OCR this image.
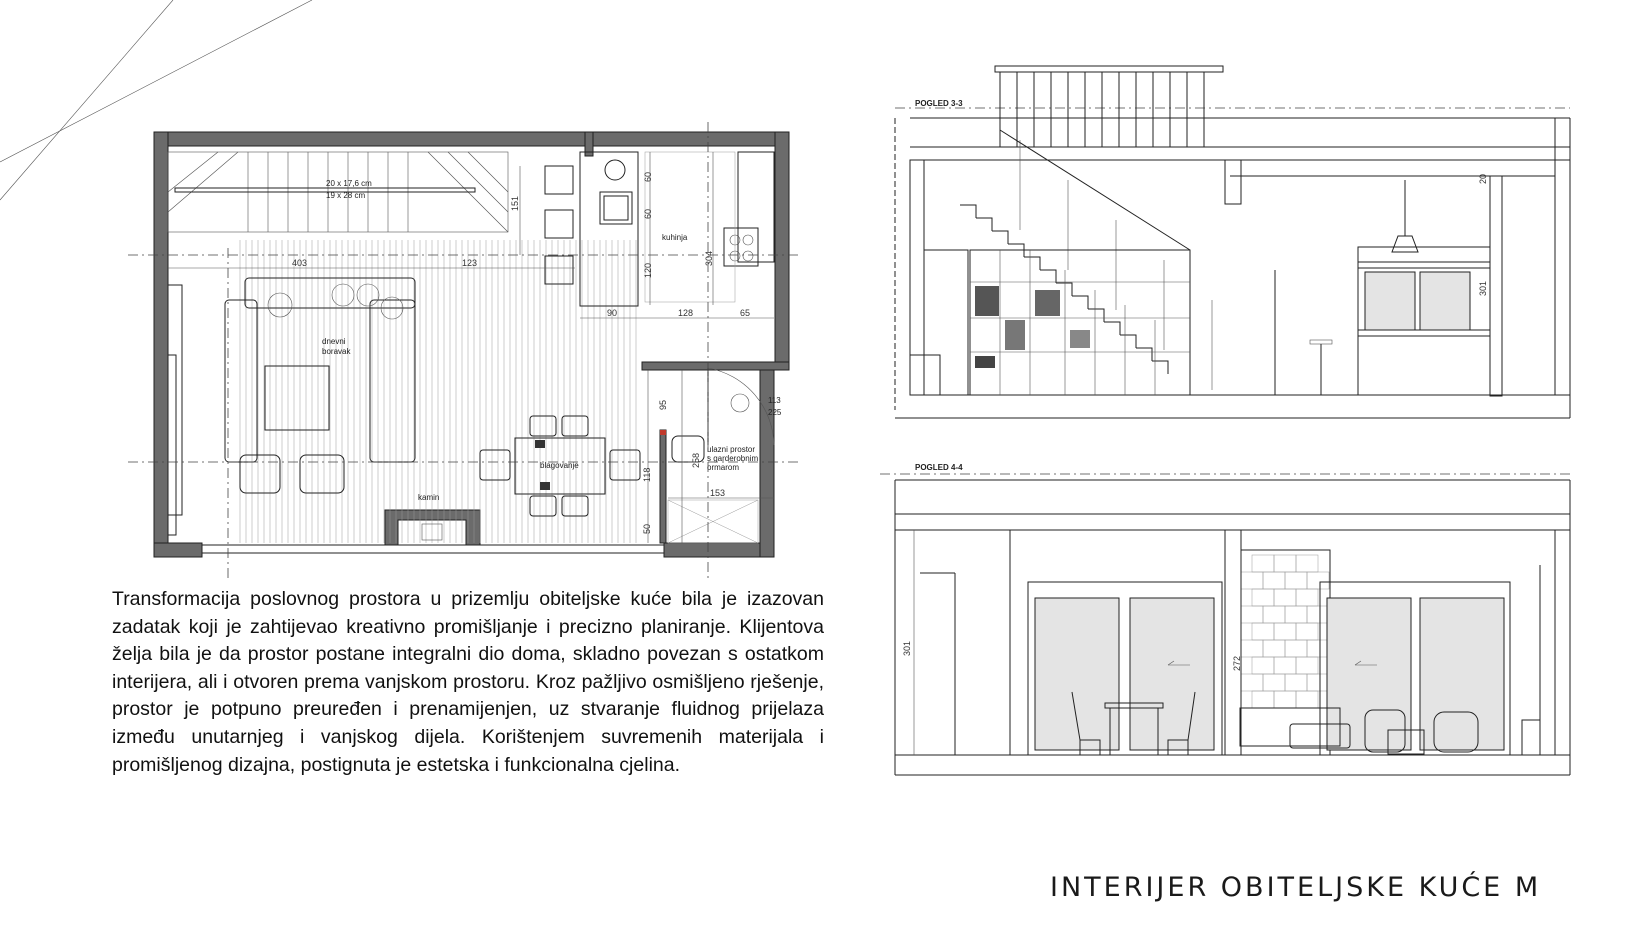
20 x 17,6 cm
19 x 28 cm
kuhinja
dnevni
boravak
blagovanje
kamin
ulazni prostor
s garderobnim
ormarom
403	123
151
60
60
120
304
90	128	65
95
118
258
50
153
113
225
POGLED 3-3
20
301
POGLED 4-4
301
272

Transformacija poslovnog prostora u prizemlju obiteljske kuće bila je izazovan zadatak koji je zahtijevao kreativno promišljanje i precizno planiranje. Klijentova želja bila je da prostor postane integralni dio doma, skladno povezan s ostatkom interijera, ali i otvoren prema vanjskom prostoru. Kroz pažljivo osmišljeno rješenje, prostor je potpuno preuređen i prenamijenjen, uz stvaranje fluidnog prijelaza između unutarnjeg i vanjskog dijela. Korištenjem suvremenih materijala i promišljenog dizajna, postignuta je estetska i funkcionalna cjelina.

INTERIJER OBITELJSKE KUĆE M
